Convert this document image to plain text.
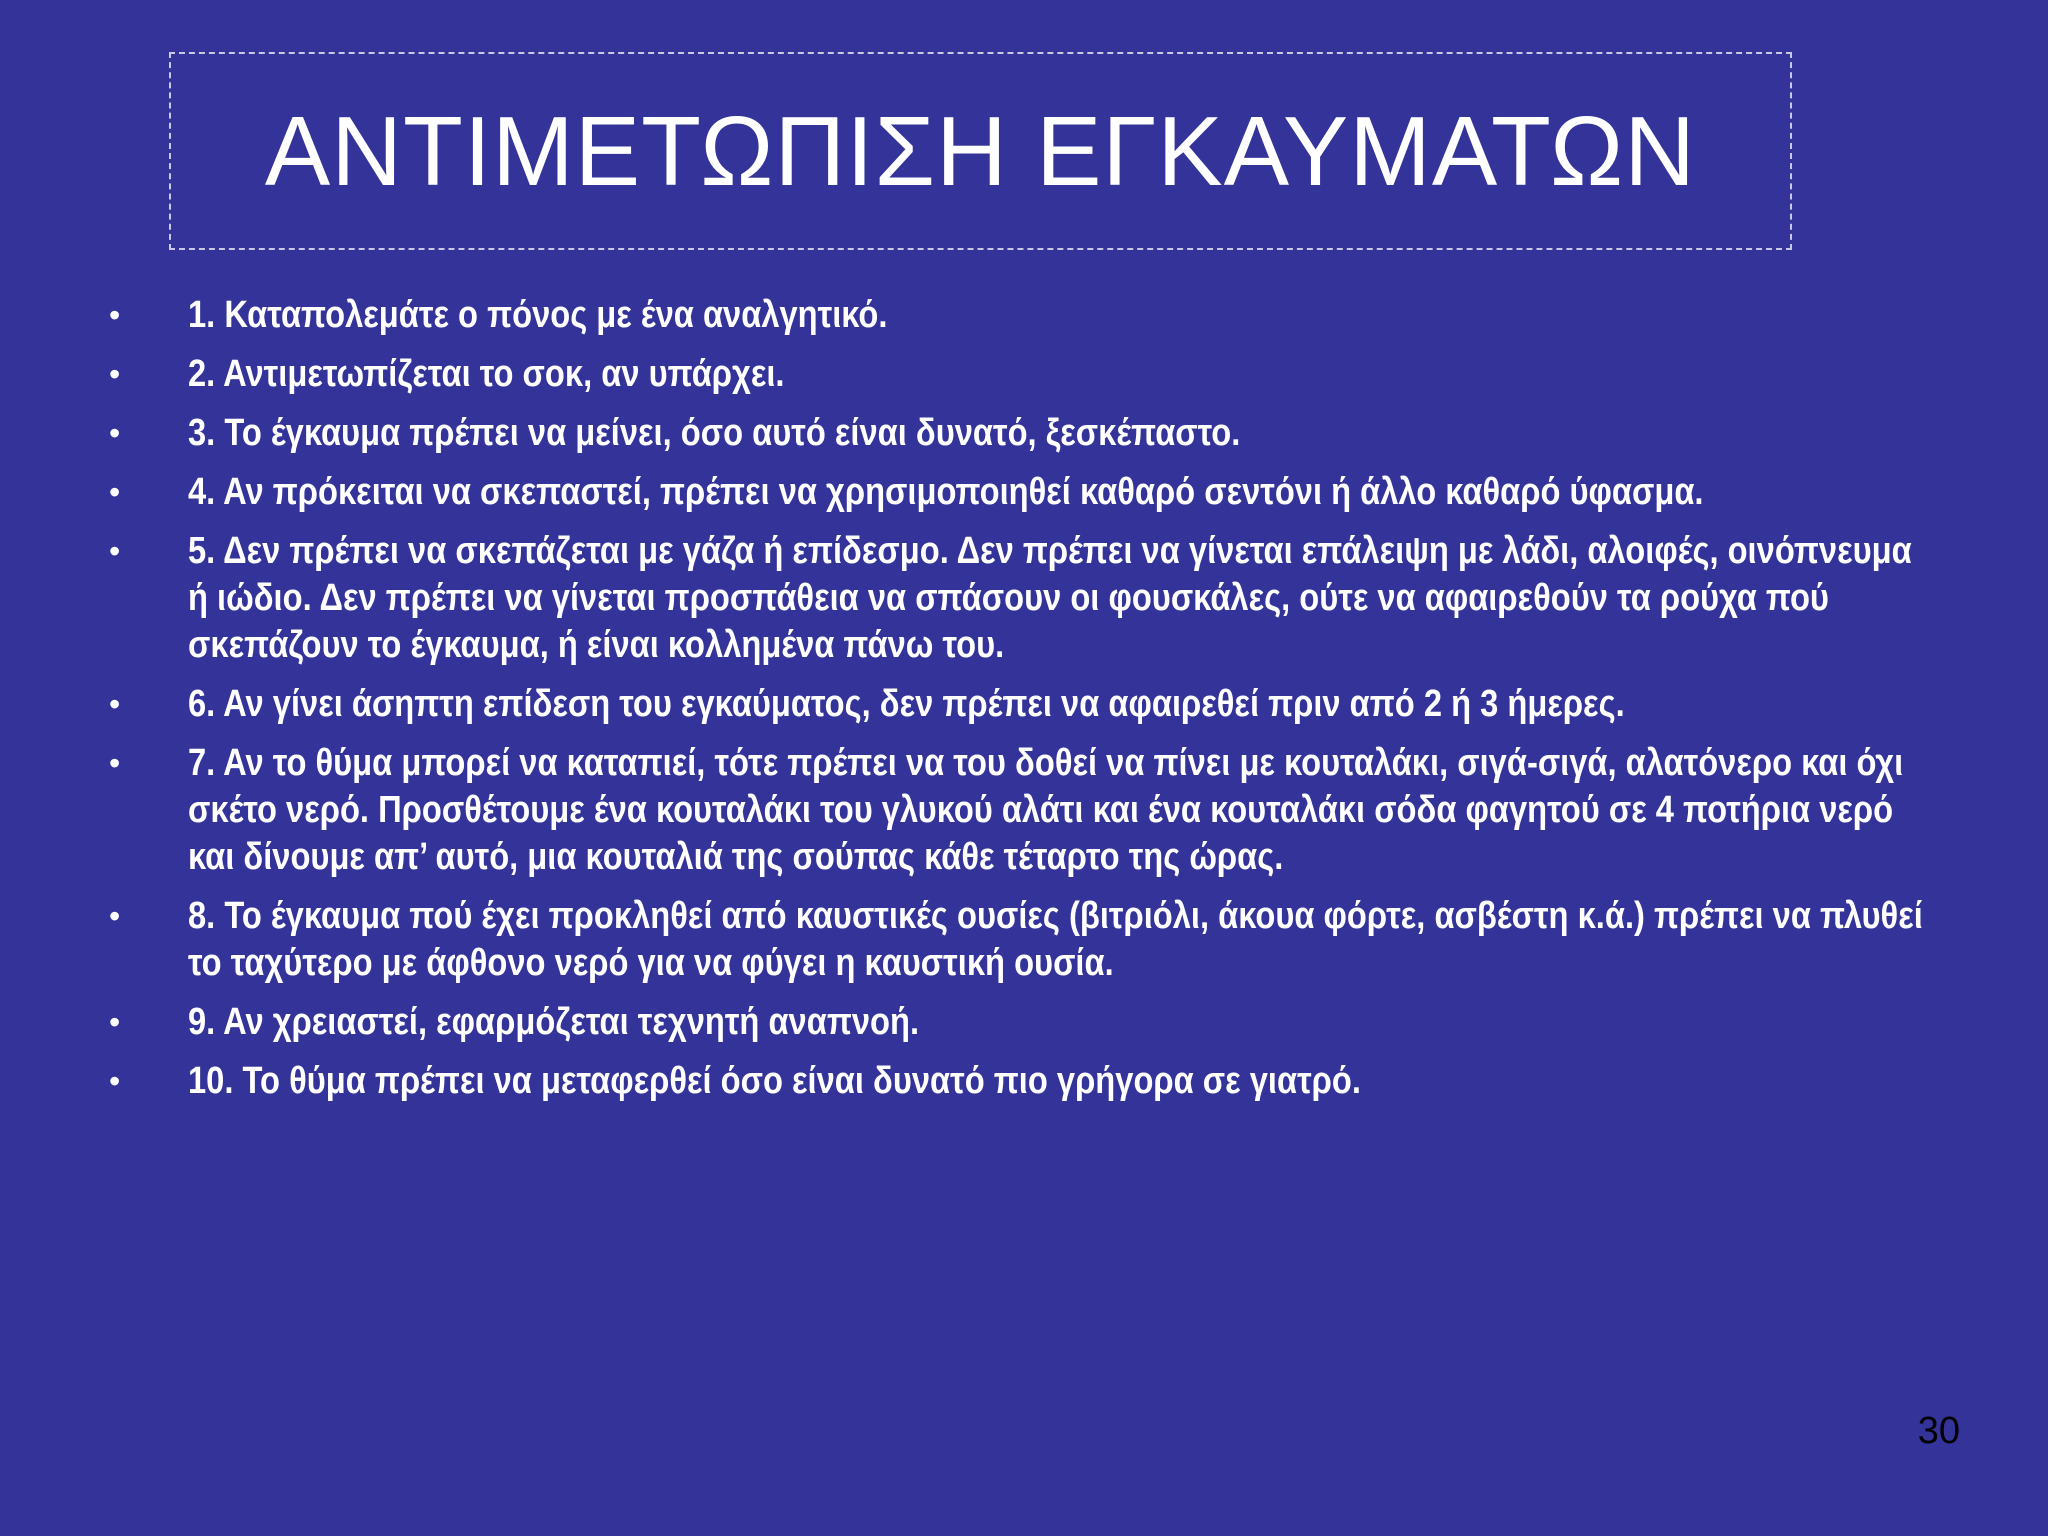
ΑΝΤΙΜΕΤΩΠΙΣΗ ΕΓΚΑΥΜΑΤΩΝ
•	1. Καταπολεμάτε ο πόνος με ένα αναλγητικό.
•	2. Αντιμετωπίζεται το σοκ, αν υπάρχει.
•	3. Το έγκαυμα πρέπει να μείνει, όσο αυτό είναι δυνατό, ξεσκέπαστο.
•	4. Αν πρόκειται να σκεπαστεί, πρέπει να χρησιμοποιηθεί καθαρό σεντόνι ή άλλο καθαρό ύφασμα.
•	5. Δεν πρέπει να σκεπάζεται με γάζα ή επίδεσμο. Δεν πρέπει να γίνεται επάλειψη με λάδι, αλοιφές, οινόπνευμα ή ιώδιο. Δεν πρέπει να γίνεται προσπάθεια να σπάσουν οι φουσκάλες, ούτε να αφαιρεθούν τα ρούχα πού σκεπάζουν το έγκαυμα, ή είναι κολλημένα πάνω του.
•	6. Αν γίνει άσηπτη επίδεση του εγκαύματος, δεν πρέπει να αφαιρεθεί πριν από 2 ή 3 ήμερες.
•	7. Αν το θύμα μπορεί να καταπιεί, τότε πρέπει να του δοθεί να πίνει με κουταλάκι, σιγά-σιγά, αλατόνερο και όχι σκέτο νερό. Προσθέτουμε ένα κουταλάκι του γλυκού αλάτι και ένα κουταλάκι σόδα φαγητού σε 4 ποτήρια νερό και δίνουμε απ’ αυτό, μια κουταλιά της σούπας κάθε τέταρτο της ώρας.
•	8. Το έγκαυμα πού έχει προκληθεί από καυστικές ουσίες (βιτριόλι, άκουα φόρτε, ασβέστη κ.ά.) πρέπει να πλυθεί το ταχύτερο με άφθονο νερό για να φύγει η καυστική ουσία.
•	9. Αν χρειαστεί, εφαρμόζεται τεχνητή αναπνοή.
•	10. Το θύμα πρέπει να μεταφερθεί όσο είναι δυνατό πιο γρήγορα σε γιατρό.
30
